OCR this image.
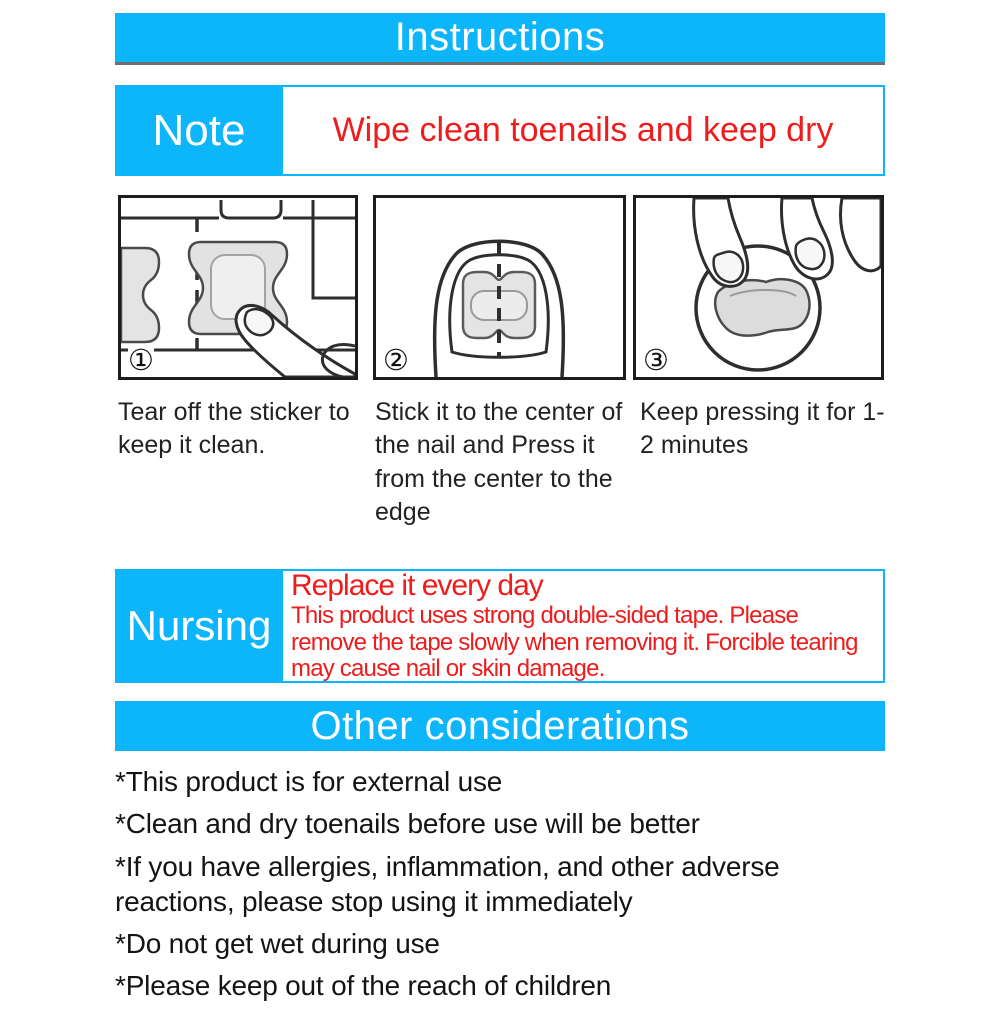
Instructions
Note	Wipe clean toenails and keep dry
①	②	③
Tear off the sticker to keep it clean.
Stick it to the center of the nail and Press it from the center to the edge
Keep pressing it for 1-2 minutes
Nursing
Replace it every day
This product uses strong double-sided tape. Please remove the tape slowly when removing it. Forcible tearing may cause nail or skin damage.
Other considerations

*This product is for external use

*Clean and dry toenails before use will be better

*If you have allergies, inflammation, and other adverse reactions, please stop using it immediately

*Do not get wet during use

*Please keep out of the reach of children
